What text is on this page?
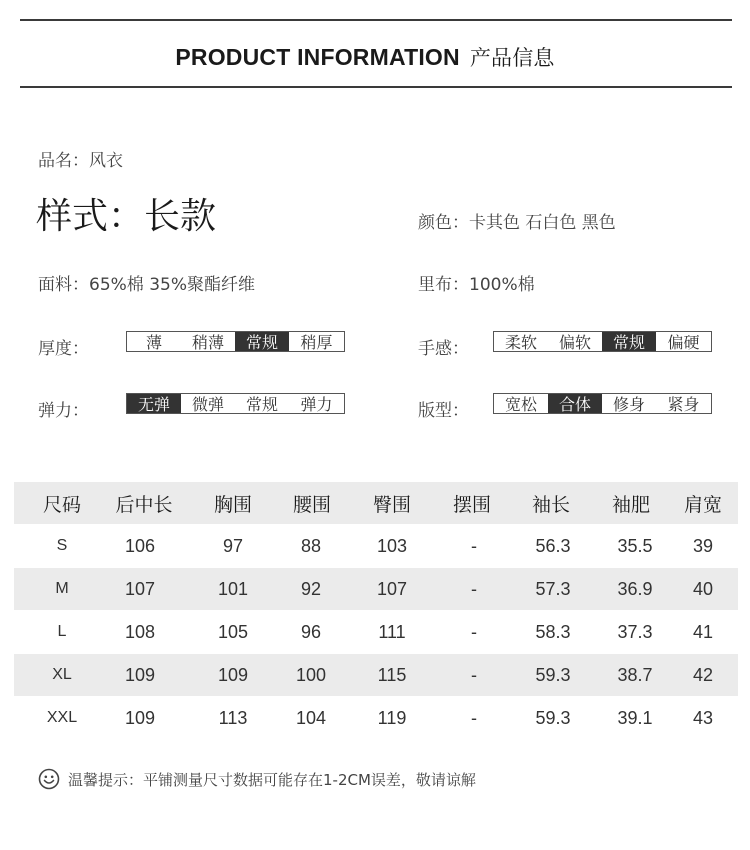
PRODUCT INFORMATION 产品信息
品名：风衣
样式：长款	颜色：卡其色 石白色 黑色
面料：65%棉 35%聚酯纤维	里布：100%棉
厚度：	薄	稍薄	常规	稍厚	手感：	柔软	偏软	常规	偏硬
弹力：	无弹	微弹	常规	弹力	版型：	宽松	合体	修身	紧身
尺码 后中长 胸围 腰围 臀围 摆围 袖长 袖肥 肩宽
S	106	97	88	103	-	56.3	35.5 39
M	107	101	92	107	-	57.3	36.9 40
L	108	105	96	111	-	58.3	37.3 41
XL	109	109	100	115	-	59.3	38.7 42
XXL	109	113	104	119	-	59.3	39.1 43
温馨提示：平铺测量尺寸数据可能存在1-2CM误差，敬请谅解
